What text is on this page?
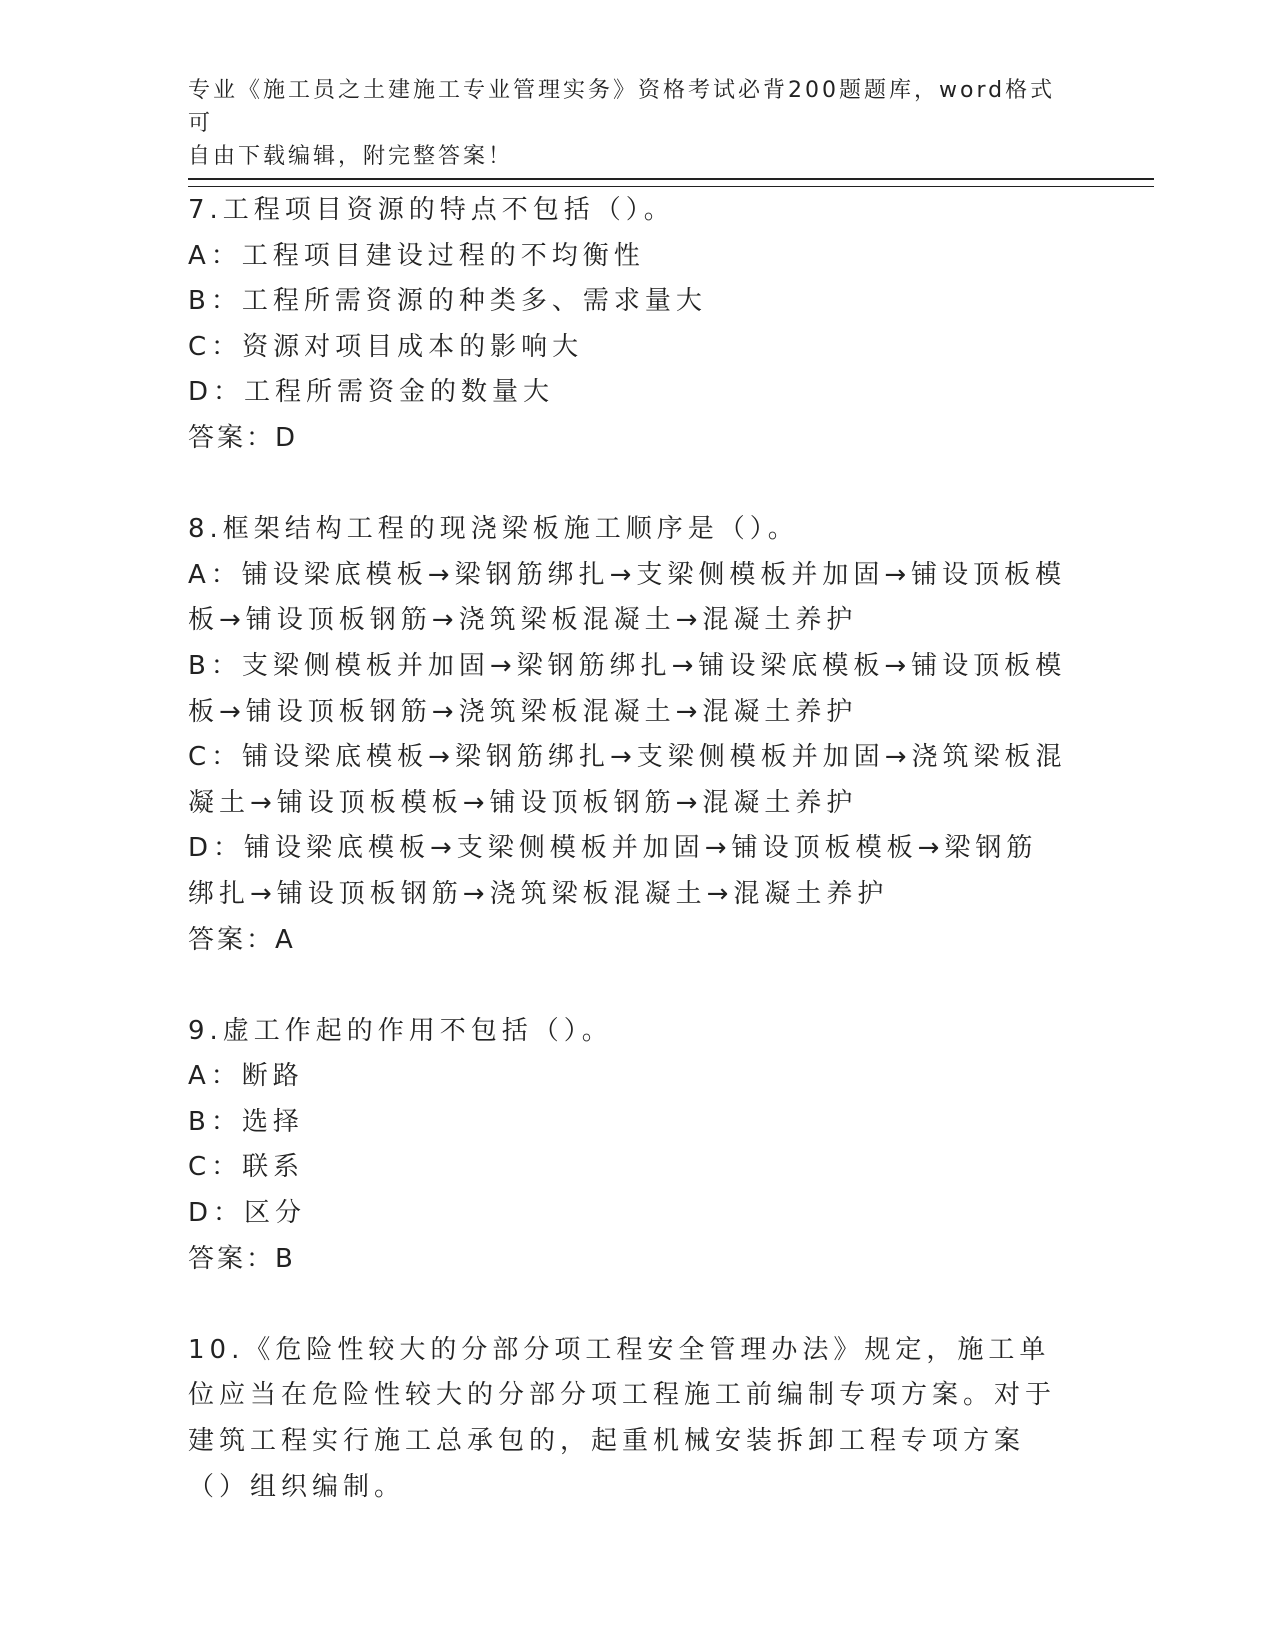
专业《施工员之土建施工专业管理实务》资格考试必背200题题库，word格式可
自由下载编辑，附完整答案！
7.工程项目资源的特点不包括（）。
A：工程项目建设过程的不均衡性
B：工程所需资源的种类多、需求量大
C：资源对项目成本的影响大
D：工程所需资金的数量大
答案：D
8.框架结构工程的现浇梁板施工顺序是（）。
A：铺设梁底模板→梁钢筋绑扎→支梁侧模板并加固→铺设顶板模板→铺设顶板钢筋→浇筑梁板混凝土→混凝土养护
B：支梁侧模板并加固→梁钢筋绑扎→铺设梁底模板→铺设顶板模板→铺设顶板钢筋→浇筑梁板混凝土→混凝土养护
C：铺设梁底模板→梁钢筋绑扎→支梁侧模板并加固→浇筑梁板混凝土→铺设顶板模板→铺设顶板钢筋→混凝土养护
D：铺设梁底模板→支梁侧模板并加固→铺设顶板模板→梁钢筋绑扎→铺设顶板钢筋→浇筑梁板混凝土→混凝土养护
答案：A
9.虚工作起的作用不包括（）。
A：断路
B：选择
C：联系
D：区分
答案：B
10.《危险性较大的分部分项工程安全管理办法》规定，施工单位应当在危险性较大的分部分项工程施工前编制专项方案。对于建筑工程实行施工总承包的，起重机械安装拆卸工程专项方案（）组织编制。
